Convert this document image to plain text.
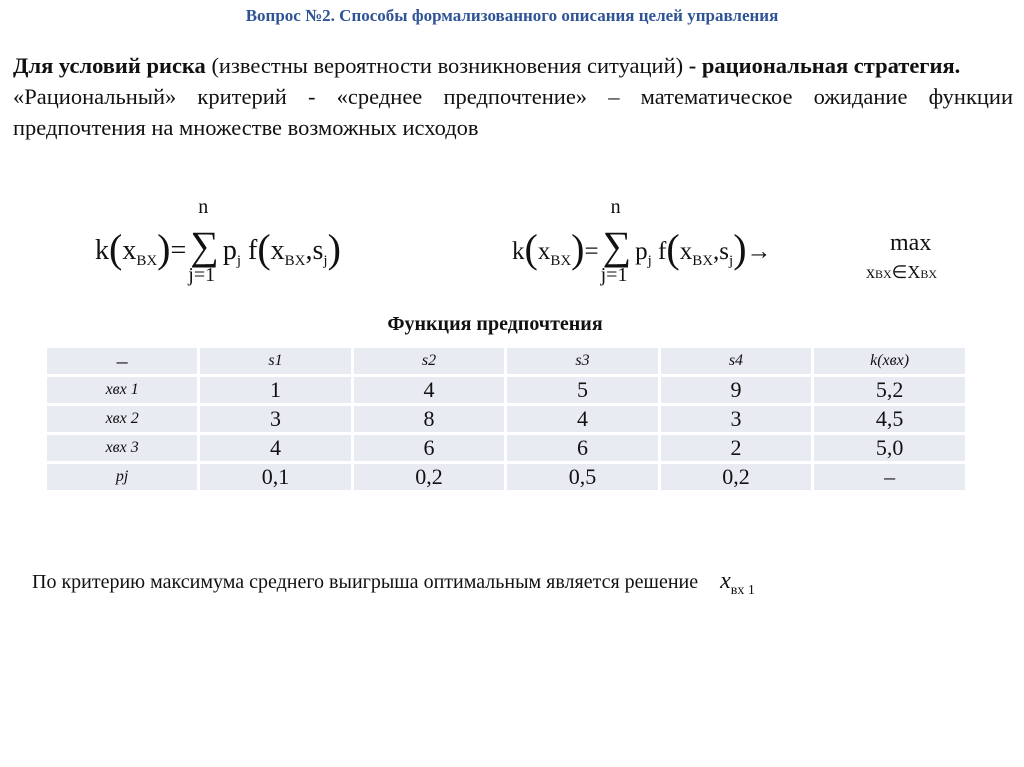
Вопрос №2. Способы формализованного описания целей управления
Для условий риска (известны вероятности возникновения ситуаций) - рациональная стратегия.
«Рациональный» критерий - «среднее предпочтение» – математическое ожидание функции предпочтения на множестве возможных исходов
$k(x_{BX})=$ ∑
n
j=1
$p_j$ $f(x_{BX},s_j)$	$k(x_{BX})=$ ∑
n
j=1
$p_j$ $f(x_{BX},s_j)\to$	max
xBX∈XBX
Функция предпочтения
–	s1	s2	s3	s4	k(xвх)
xвх 1	1	4	5	9	5,2
xвх 2	3	8	4	3	4,5
xвх 3	4	6	6	2	5,0
pj	0,1	0,2	0,5	0,2	–
По критерию максимума среднего выигрыша оптимальным является решение $x_{вх 1}$
